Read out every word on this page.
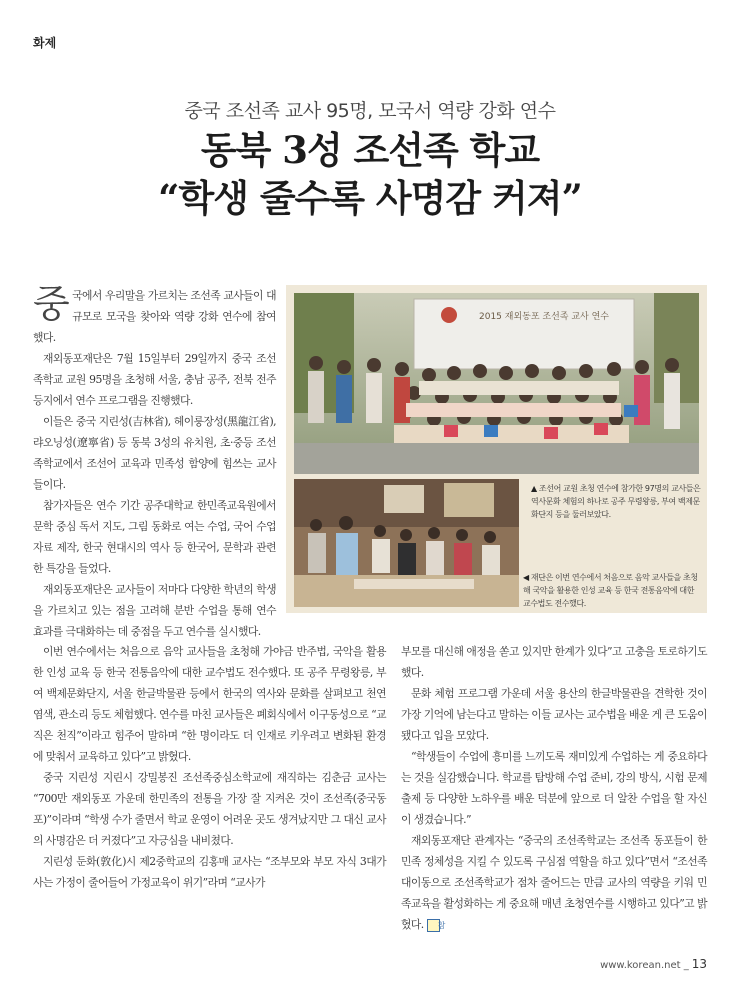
화제
중국 조선족 교사 95명, 모국서 역량 강화 연수
동북 3성 조선족 학교
“학생 줄수록 사명감 커져”

중국에서 우리말을 가르치는 조선족 교사들이 대규모로 모국을 찾아와 역량 강화 연수에 참여했다.

재외동포재단은 7월 15일부터 29일까지 중국 조선족학교 교원 95명을 초청해 서울, 충남 공주, 전북 전주 등지에서 연수 프로그램을 진행했다.

이들은 중국 지린성(吉林省), 헤이룽장성(黑龍江省), 랴오닝성(遼寧省) 등 동북 3성의 유치원, 초·중등 조선족학교에서 조선어 교육과 민족성 함양에 힘쓰는 교사들이다.

참가자들은 연수 기간 공주대학교 한민족교육원에서 문학 중심 독서 지도, 그림 동화로 여는 수업, 국어 수업 자료 제작, 한국 현대시의 역사 등 한국어, 문학과 관련한 특강을 들었다.

재외동포재단은 교사들이 저마다 다양한 학년의 학생을 가르치고 있는 점을 고려해 분반 수업을 통해 연수 효과를 극대화하는 데 중점을 두고 연수를 실시했다.

2015 재외동포 조선족 교사 연수
▲ 조선어 교원 초청 연수에 참가한 97명의 교사들은 역사문화 체험의 하나로 공주 무령왕릉, 부여 백제문화단지 등을 둘러보았다.
◀ 재단은 이번 연수에서 처음으로 음악 교사들을 초청해 국악을 활용한 인성 교육 등 한국 전통음악에 대한 교수법도 전수했다.

이번 연수에서는 처음으로 음악 교사들을 초청해 가야금 반주법, 국악을 활용한 인성 교육 등 한국 전통음악에 대한 교수법도 전수했다. 또 공주 무령왕릉, 부여 백제문화단지, 서울 한글박물관 등에서 한국의 역사와 문화를 살펴보고 천연 염색, 관소리 등도 체험했다. 연수를 마친 교사들은 폐회식에서 이구동성으로 “교직은 천직”이라고 힘주어 말하며 “한 명이라도 더 인재로 키우려고 변화된 환경에 맞춰서 교육하고 있다”고 밝혔다.

중국 지린성 지린시 강밀봉진 조선족중심소학교에 재직하는 김춘금 교사는 “700만 재외동포 가운데 한민족의 전통을 가장 잘 지켜온 것이 조선족(중국동포)”이라며 “학생 수가 줄면서 학교 운영이 어려운 곳도 생겨났지만 그 대신 교사의 사명감은 더 커졌다”고 자긍심을 내비쳤다.

지린성 둔화(敦化)시 제2중학교의 김홍매 교사는 “조부모와 부모 자식 3대가 사는 가정이 줄어들어 가정교육이 위기”라며 “교사가

부모를 대신해 애정을 쏟고 있지만 한계가 있다”고 고충을 토로하기도 했다.

문화 체험 프로그램 가운데 서울 용산의 한글박물관을 견학한 것이 가장 기억에 남는다고 말하는 이들 교사는 교수법을 배운 게 큰 도움이 됐다고 입을 모았다.

“학생들이 수업에 흥미를 느끼도록 재미있게 수업하는 게 중요하다는 것을 실감했습니다. 학교를 탐방해 수업 준비, 강의 방식, 시험 문제 출제 등 다양한 노하우를 배운 덕분에 앞으로 더 알찬 수업을 할 자신이 생겼습니다.”

재외동포재단 관계자는 “중국의 조선족학교는 조선족 동포들이 한민족 정체성을 지킬 수 있도록 구심점 역할을 하고 있다”면서 “조선족 대이동으로 조선족학교가 점차 줄어드는 만큼 교사의 역량을 키워 민족교육을 활성화하는 게 중요해 매년 초청연수를 시행하고 있다”고 밝혔다. 참

www.korean.net _ 13
